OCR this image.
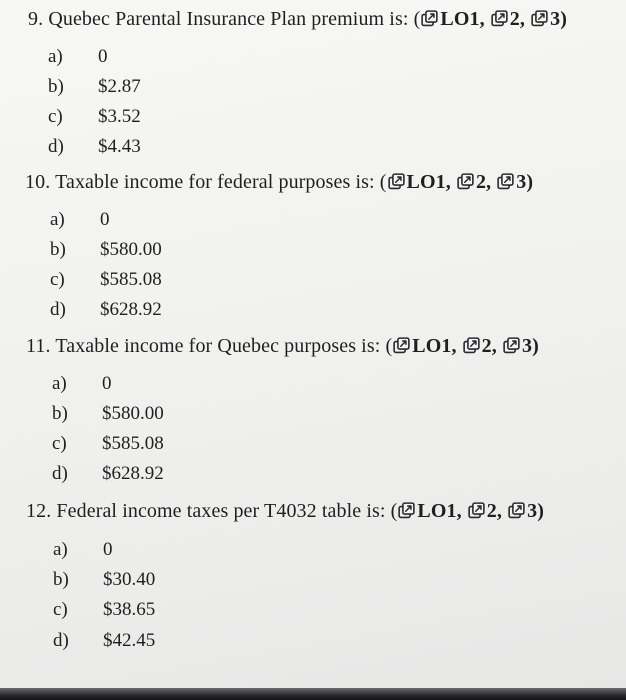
9. Quebec Parental Insurance Plan premium is: ( LO1, 2, 3)
a) 0
b) $2.87
c) $3.52
d) $4.43
10. Taxable income for federal purposes is: ( LO1, 2, 3)
a) 0
b) $580.00
c) $585.08
d) $628.92
11. Taxable income for Quebec purposes is: ( LO1, 2, 3)
a) 0
b) $580.00
c) $585.08
d) $628.92
12. Federal income taxes per T4032 table is: ( LO1, 2, 3)
a) 0
b) $30.40
c) $38.65
d) $42.45
